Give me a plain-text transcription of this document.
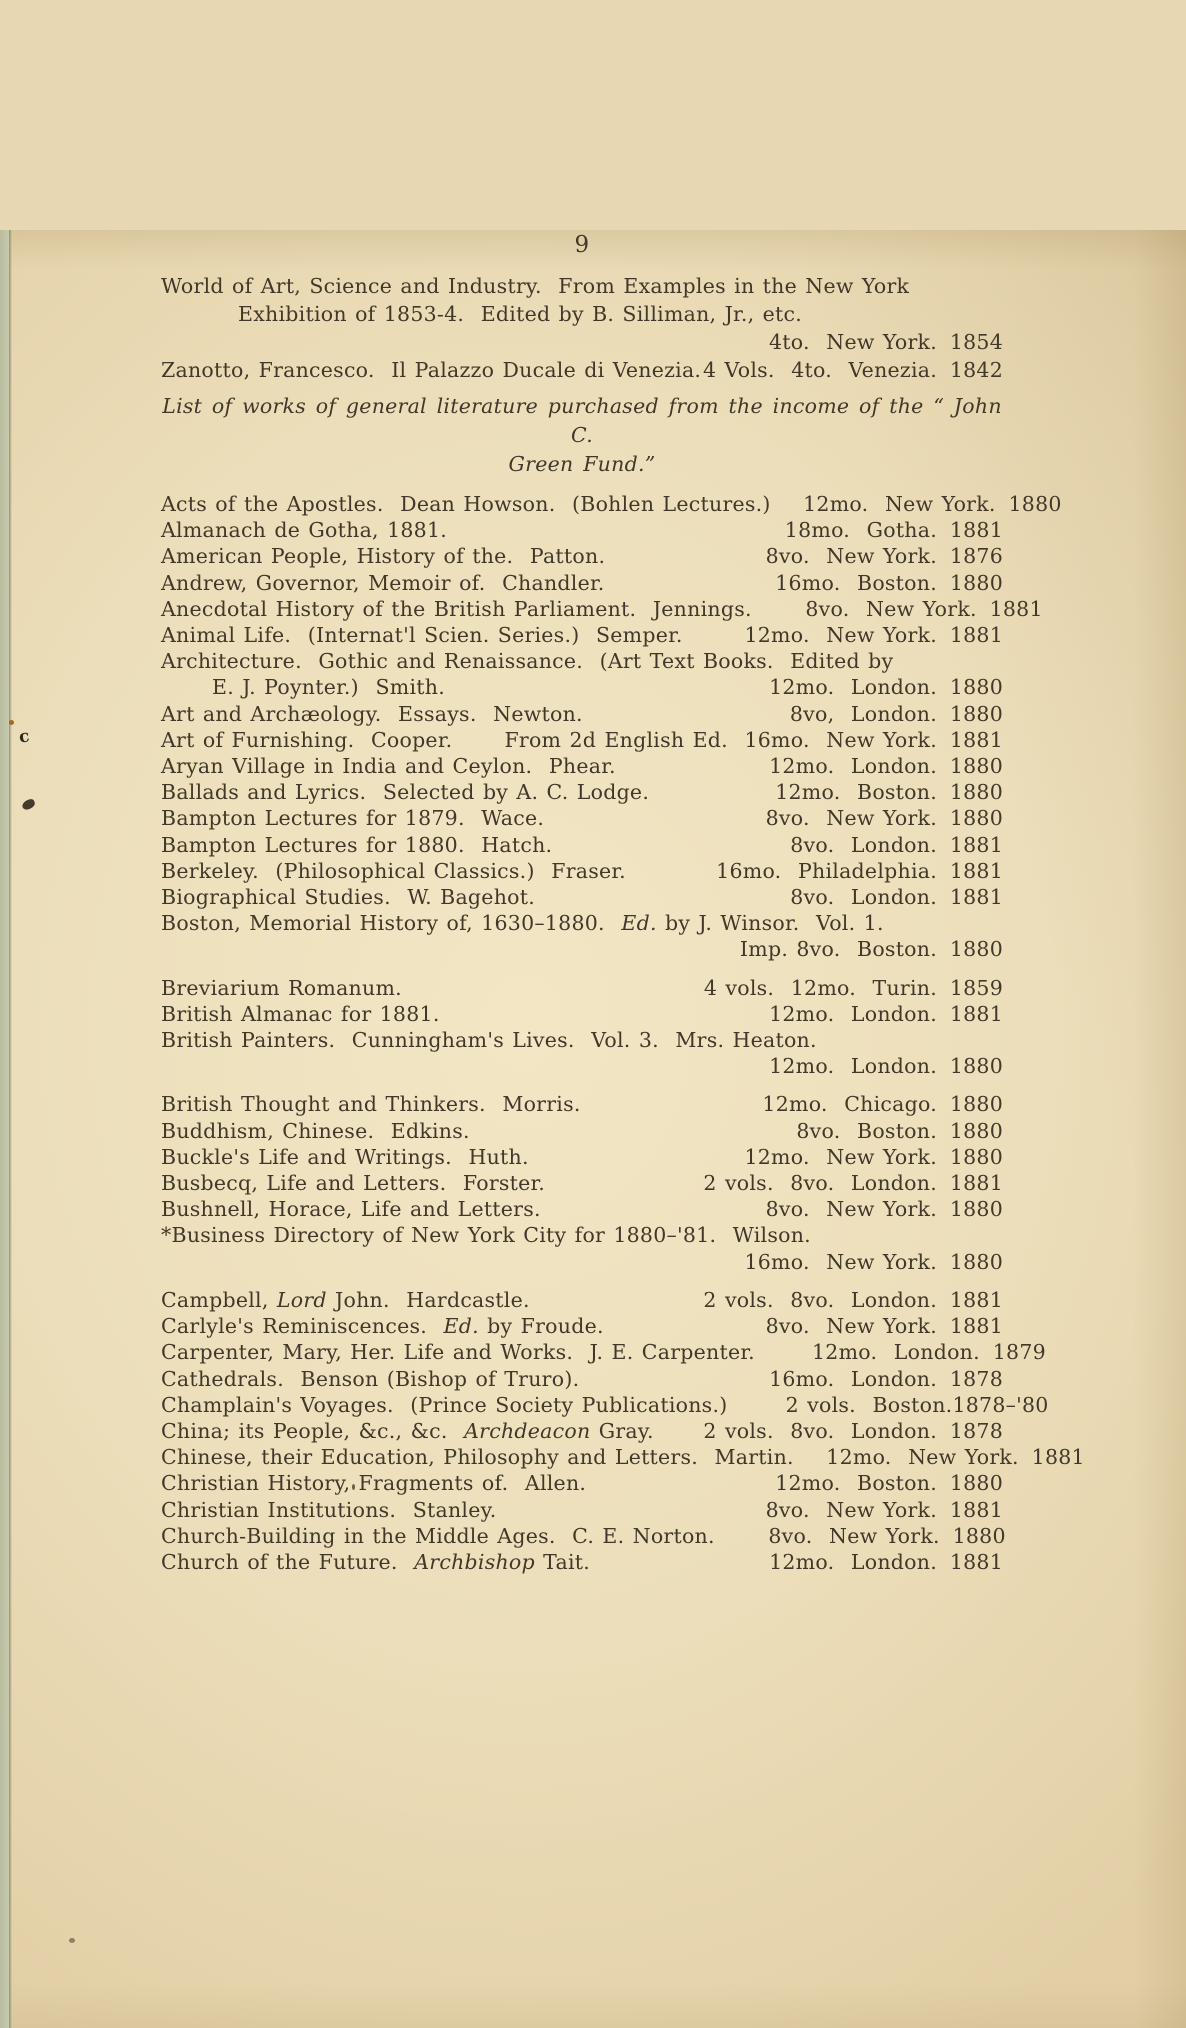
c
9
World of Art, Science and Industry.  From Examples in the New York
Exhibition of 1853-4.  Edited by B. Silliman, Jr., etc.
4to.  New York. 1854
Zanotto, Francesco.  Il Palazzo Ducale di Venezia. 4 Vols.  4to.  Venezia. 1842
List of works of general literature purchased from the income of the “ John C.
Green Fund.”
Acts of the Apostles.  Dean Howson.  (Bohlen Lectures.)	12mo.  New York. 1880
Almanach de Gotha, 1881.	18mo.  Gotha. 1881
American People, History of the.  Patton.	8vo.  New York. 1876
Andrew, Governor, Memoir of.  Chandler.	16mo.  Boston. 1880
Anecdotal History of the British Parliament.  Jennings.	8vo.  New York. 1881
Animal Life.  (Internat'l Scien. Series.)  Semper.	12mo.  New York. 1881
Architecture.  Gothic and Renaissance.  (Art Text Books.  Edited by
E. J. Poynter.)  Smith.	12mo.  London. 1880
Art and Archæology.  Essays.  Newton.	8vo,  London. 1880
Art of Furnishing.  Cooper.	From 2d English Ed.  16mo.  New York. 1881
Aryan Village in India and Ceylon.  Phear.	12mo.  London. 1880
Ballads and Lyrics.  Selected by A. C. Lodge.	12mo.  Boston. 1880
Bampton Lectures for 1879.  Wace.	8vo.  New York. 1880
Bampton Lectures for 1880.  Hatch.	8vo.  London. 1881
Berkeley.  (Philosophical Classics.)  Fraser.	16mo.  Philadelphia. 1881
Biographical Studies.  W. Bagehot.	8vo.  London. 1881
Boston, Memorial History of, 1630–1880.  Ed. by J. Winsor.  Vol. 1.
Imp. 8vo.  Boston. 1880
Breviarium Romanum.	4 vols.  12mo.  Turin. 1859
British Almanac for 1881.	12mo.  London. 1881
British Painters.  Cunningham's Lives.  Vol. 3.  Mrs. Heaton.
12mo.  London. 1880
British Thought and Thinkers.  Morris.	12mo.  Chicago. 1880
Buddhism, Chinese.  Edkins.	8vo.  Boston. 1880
Buckle's Life and Writings.  Huth.	12mo.  New York. 1880
Busbecq, Life and Letters.  Forster.	2 vols.  8vo.  London. 1881
Bushnell, Horace, Life and Letters.	8vo.  New York. 1880
*Business Directory of New York City for 1880–'81.  Wilson.
16mo.  New York. 1880
Campbell, Lord John.  Hardcastle.	2 vols.  8vo.  London. 1881
Carlyle's Reminiscences.  Ed. by Froude.	8vo.  New York. 1881
Carpenter, Mary, Her. Life and Works.  J. E. Carpenter.	12mo.  London. 1879
Cathedrals.  Benson (Bishop of Truro).	16mo.  London. 1878
Champlain's Voyages.  (Prince Society Publications.)	2 vols.  Boston. 1878–'80
China; its People, &c., &c.  Archdeacon Gray. 2 vols.  8vo.  London. 1878
Chinese, their Education, Philosophy and Letters.  Martin.	12mo.  New York. 1881
Christian History, Fragments of.  Allen.	12mo.  Boston. 1880
Christian Institutions.  Stanley.	8vo.  New York. 1881
Church-Building in the Middle Ages.  C. E. Norton.	8vo.  New York. 1880
Church of the Future.  Archbishop Tait.	12mo.  London. 1881
